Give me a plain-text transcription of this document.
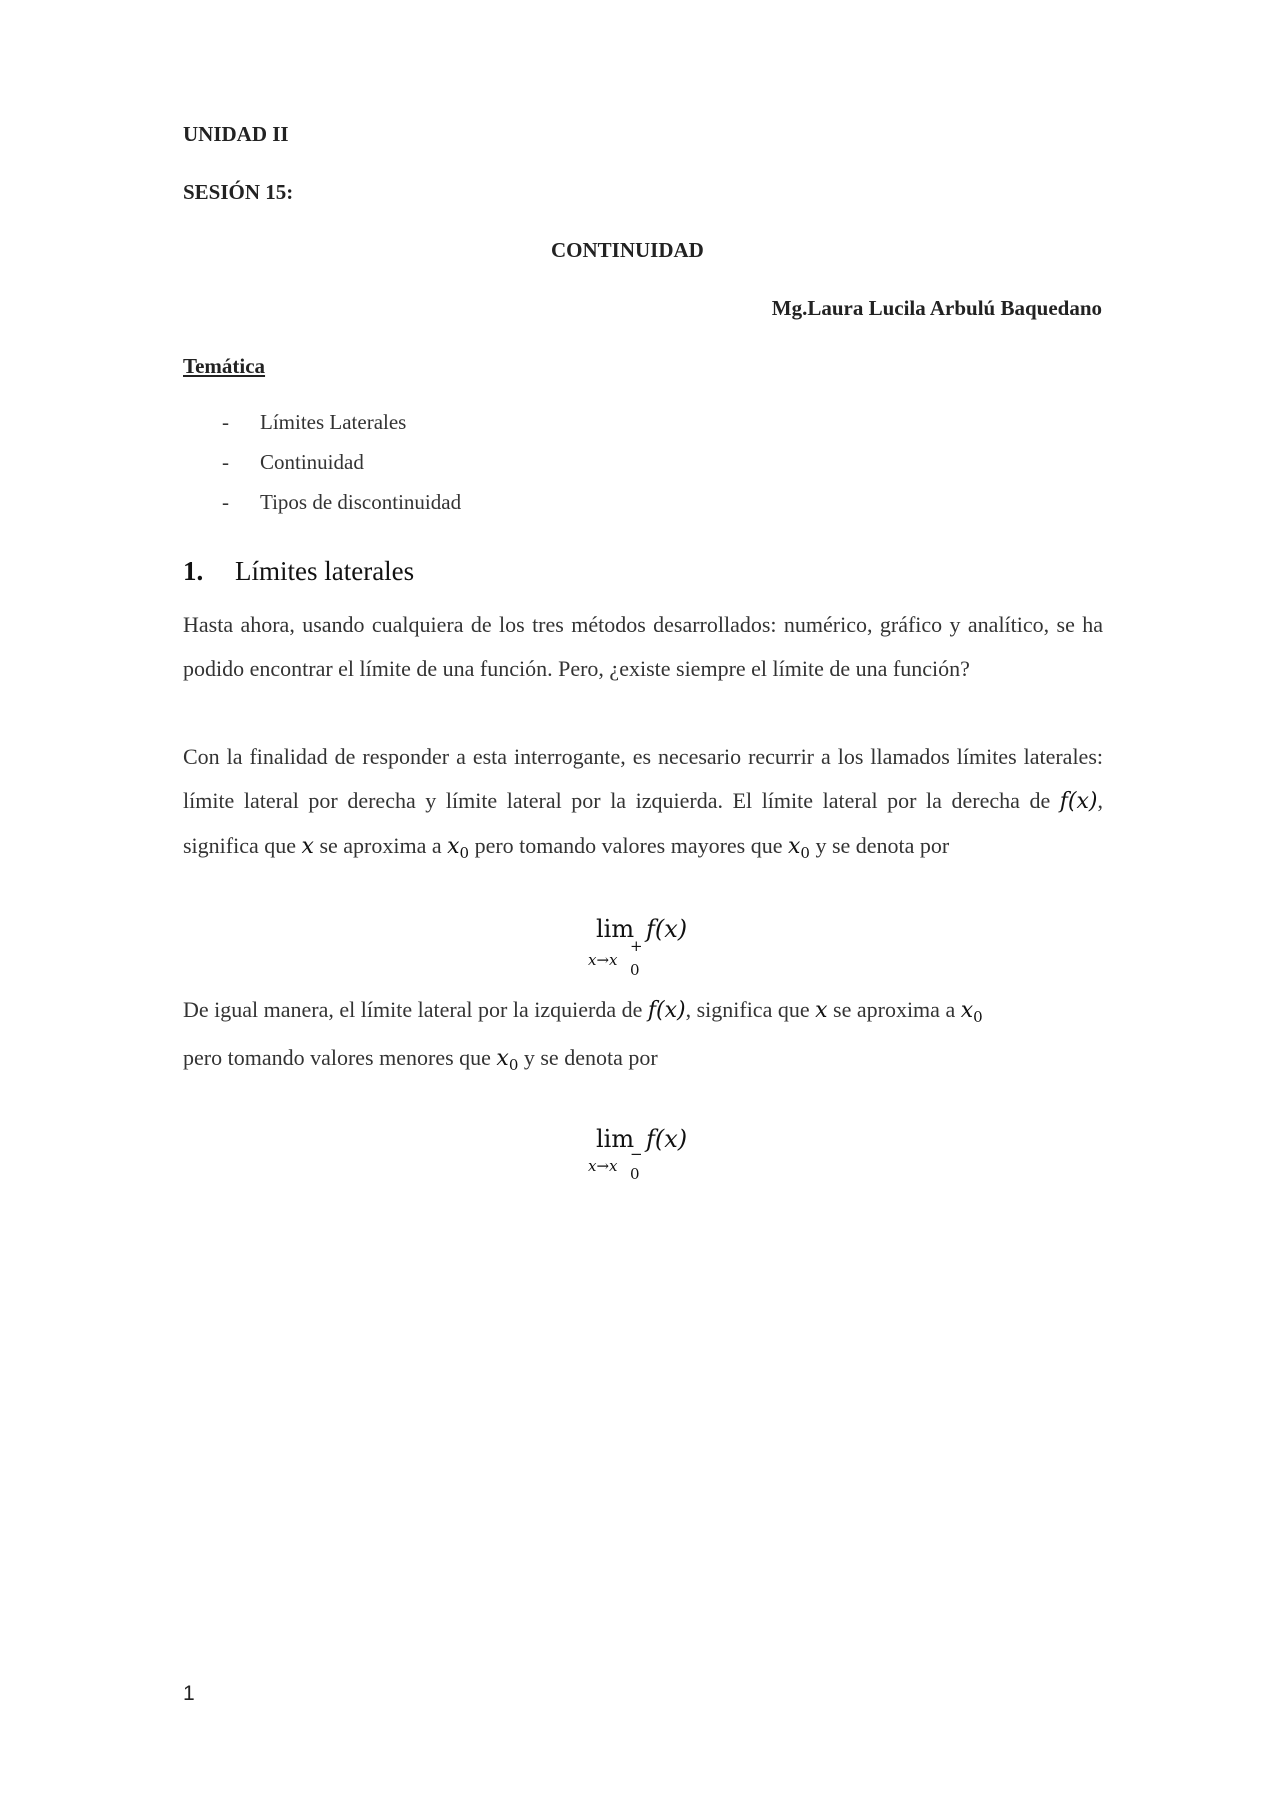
UNIDAD II
SESIÓN 15:
CONTINUIDAD
Mg.Laura Lucila Arbulú Baquedano
Temática
- Límites Laterales
- Continuidad
- Tipos de discontinuidad
1. Límites laterales

Hasta ahora, usando cualquiera de los tres métodos desarrollados: numérico, gráfico y analítico, se ha podido encontrar el límite de una función. Pero, ¿existe siempre el límite de una función?

Con la finalidad de responder a esta interrogante, es necesario recurrir a los llamados límites laterales: límite lateral por derecha y límite lateral por la izquierda. El límite lateral por la derecha de f(x), significa que x se aproxima a $x_0$ pero tomando valores mayores que $x_0$ y se denota por

lim
x→x
+
0
f(x)

De igual manera, el límite lateral por la izquierda de f(x), significa que x se aproxima a $x_0$

pero tomando valores menores que $x_0$ y se denota por

lim
x→x
−
0
f(x)
1
